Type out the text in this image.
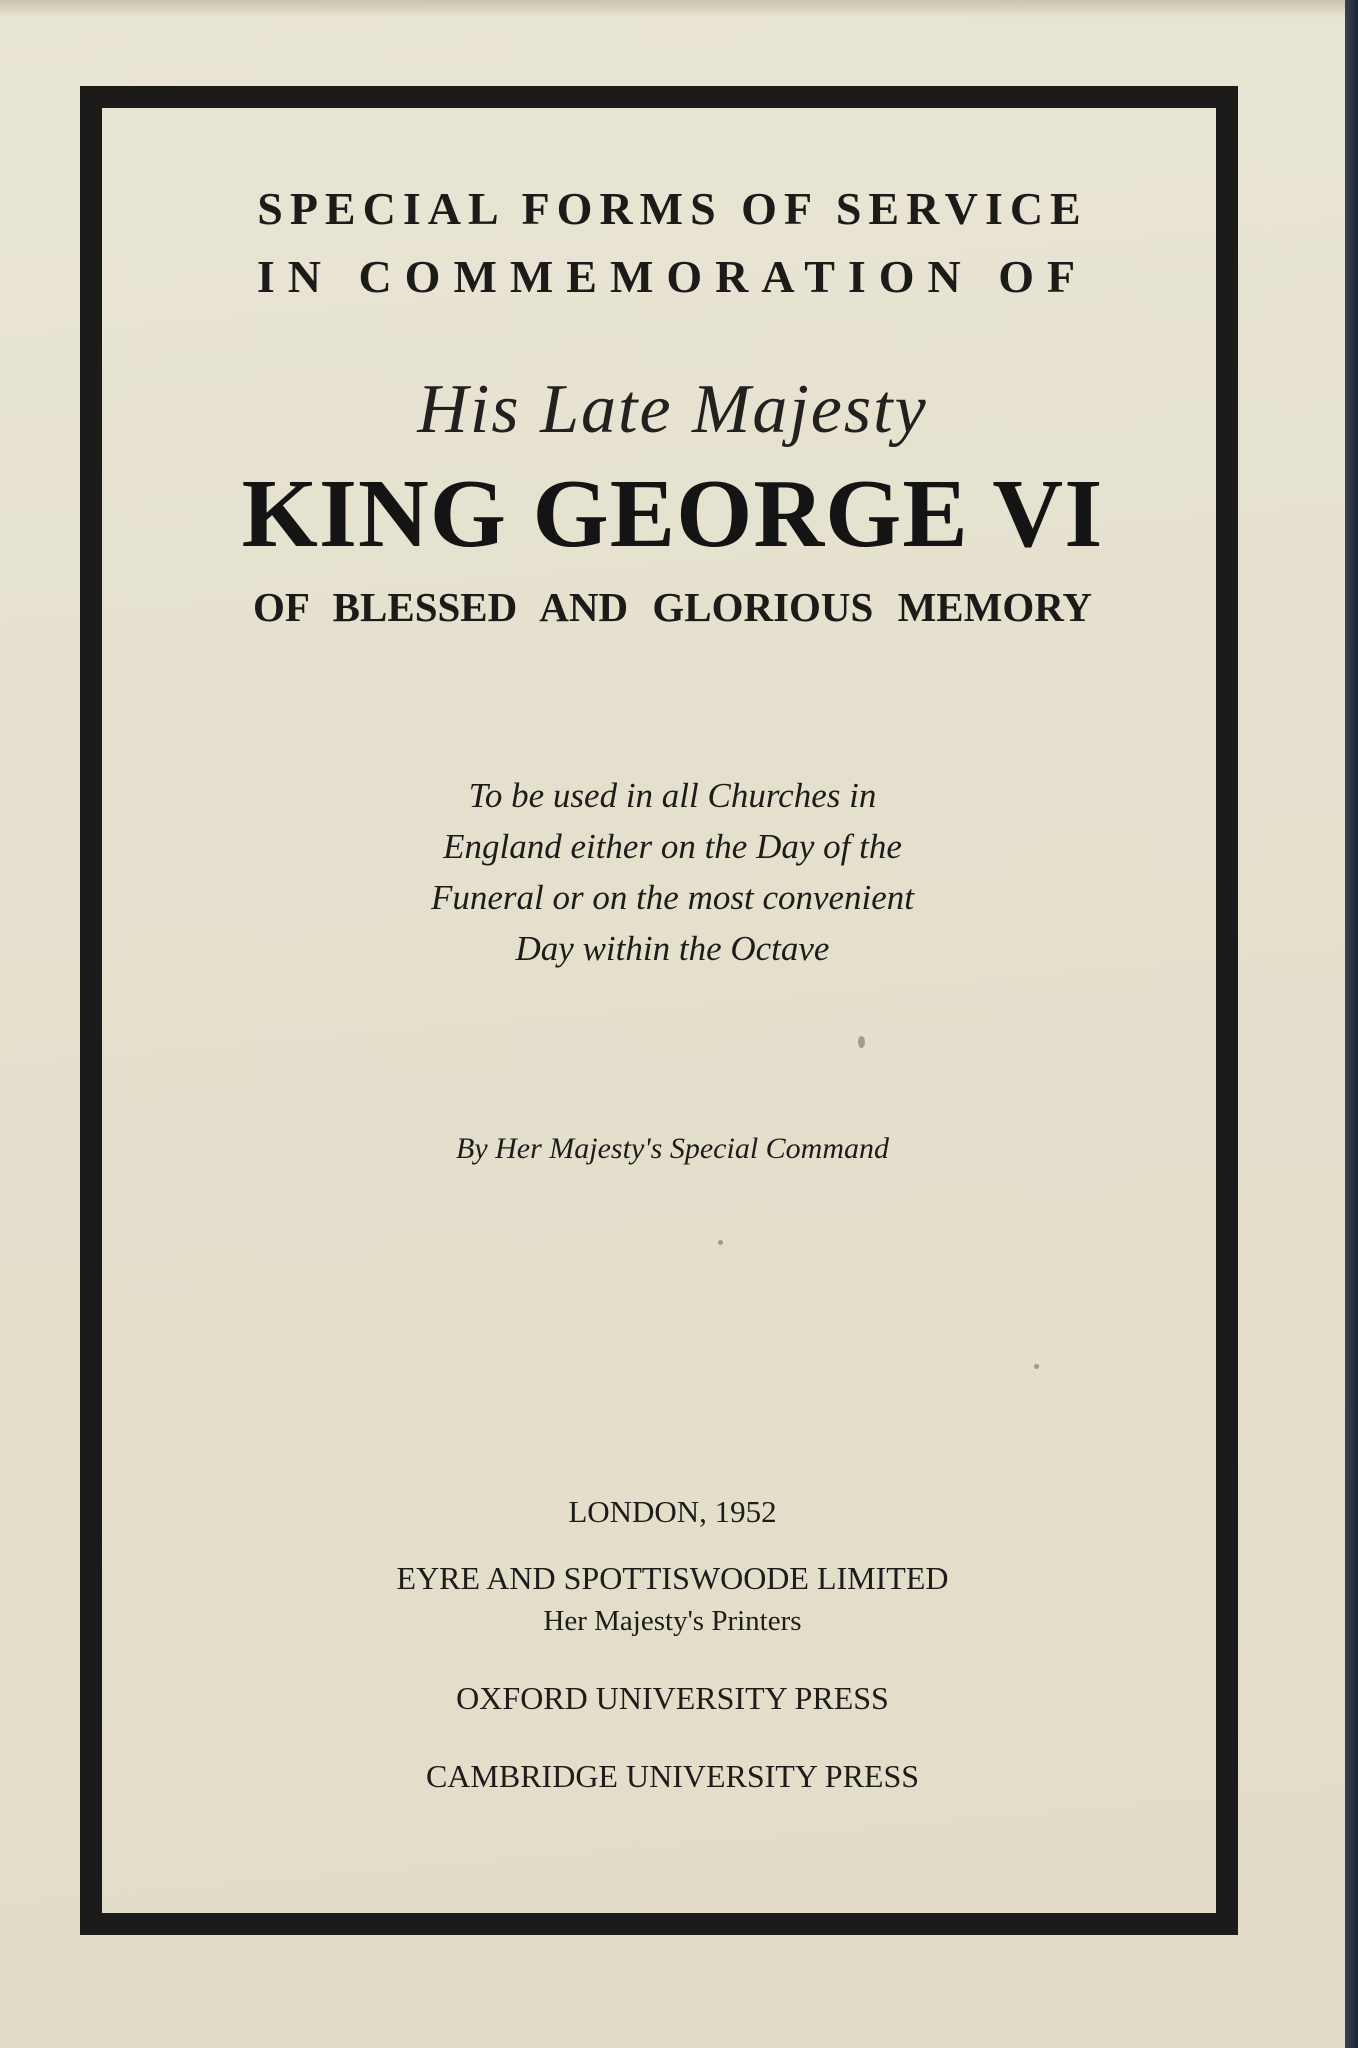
SPECIAL FORMS OF SERVICE
IN COMMEMORATION OF
His Late Majesty
KING GEORGE VI
OF BLESSED AND GLORIOUS MEMORY
To be used in all Churches in
England either on the Day of the
Funeral or on the most convenient
Day within the Octave
By Her Majesty's Special Command
LONDON, 1952
EYRE AND SPOTTISWOODE LIMITED
Her Majesty's Printers
OXFORD UNIVERSITY PRESS
CAMBRIDGE UNIVERSITY PRESS
